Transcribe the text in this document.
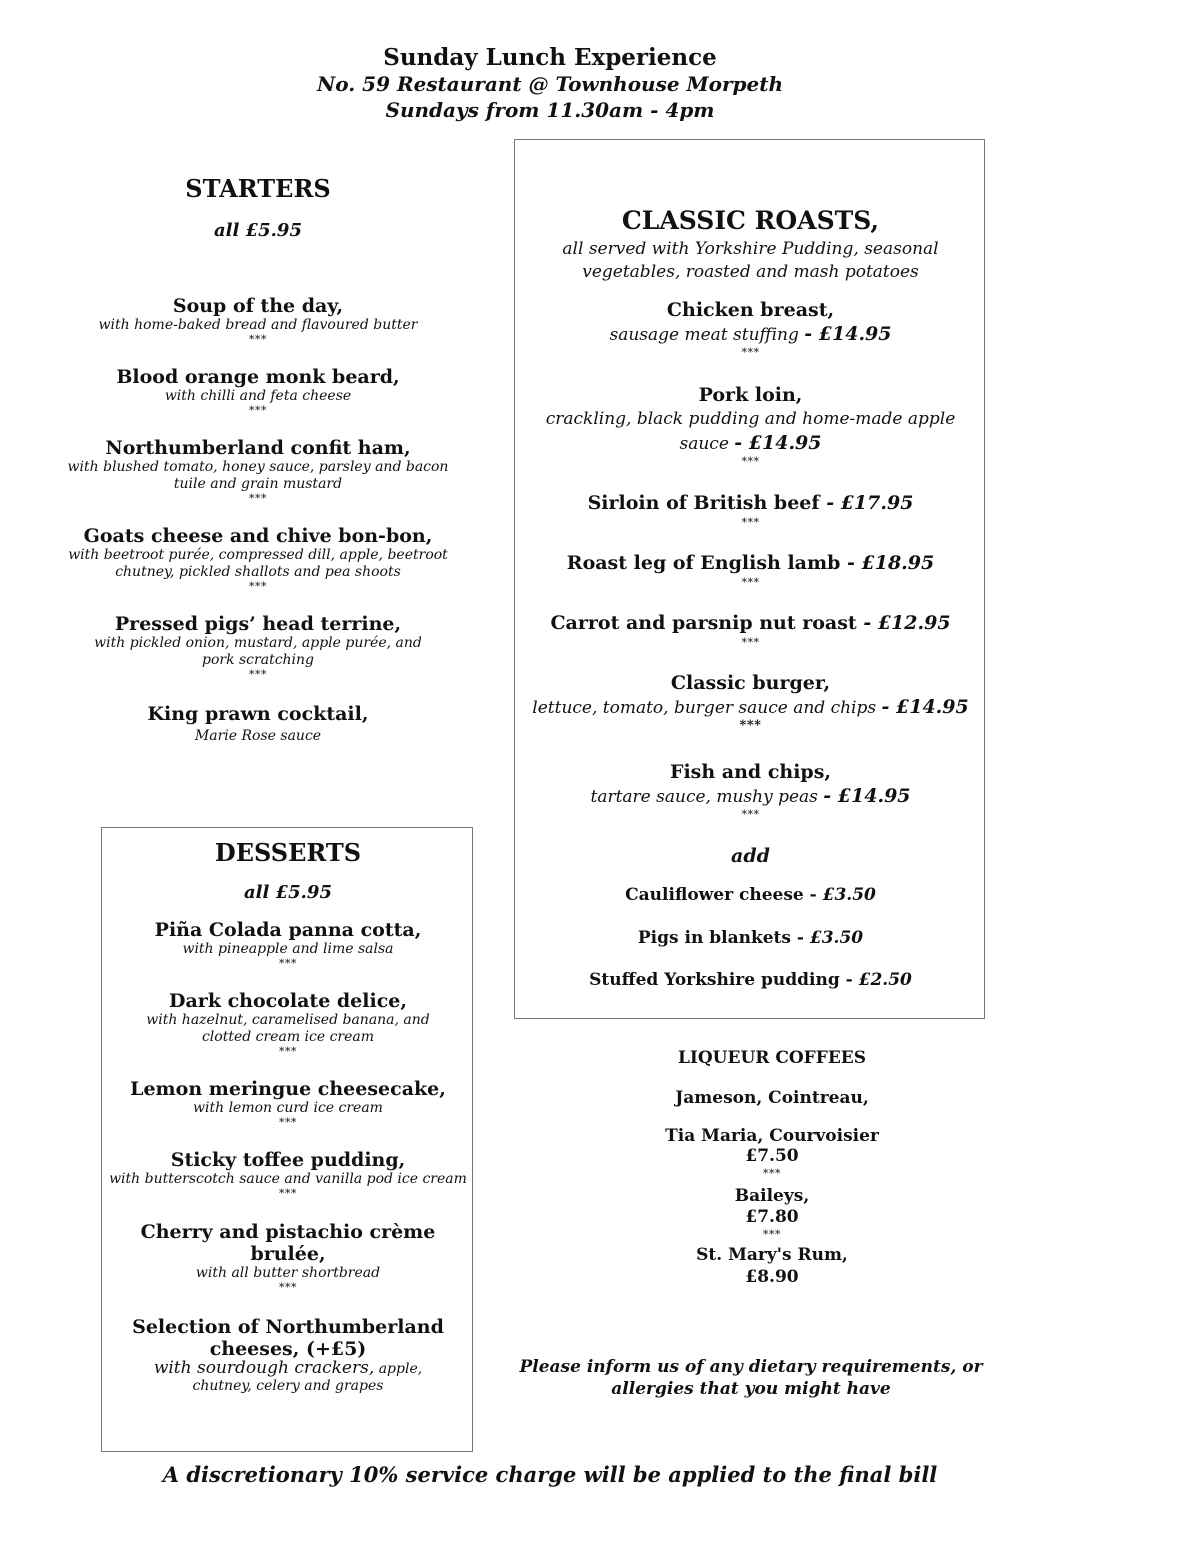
Sunday Lunch Experience
No. 59 Restaurant @ Townhouse Morpeth
Sundays from 11.30am - 4pm
STARTERS
all £5.95
Soup of the day,
with home-baked bread and flavoured butter
***
Blood orange monk beard,
with chilli and feta cheese
***
Northumberland confit ham,
with blushed tomato, honey sauce, parsley and bacon tuile and grain mustard
***
Goats cheese and chive bon-bon,
with beetroot purée, compressed dill, apple, beetroot chutney, pickled shallots and pea shoots
***
Pressed pigs’ head terrine,
with pickled onion, mustard, apple purée, and pork scratching
***
King prawn cocktail,
Marie Rose sauce
DESSERTS
all £5.95
Piña Colada panna cotta,
with pineapple and lime salsa
***
Dark chocolate delice,
with hazelnut, caramelised banana, and clotted cream ice cream
***
Lemon meringue cheesecake,
with lemon curd ice cream
***
Sticky toffee pudding,
with butterscotch sauce and vanilla pod ice cream
***
Cherry and pistachio crème brulée,
with all butter shortbread
***
Selection of Northumberland cheeses, (+£5)
with sourdough crackers, apple, chutney, celery and grapes
CLASSIC ROASTS,
all served with Yorkshire Pudding, seasonal vegetables, roasted and mash potatoes
Chicken breast,
sausage meat stuffing - £14.95
***
Pork loin,
crackling, black pudding and home-made apple sauce - £14.95
***
Sirloin of British beef - £17.95
***
Roast leg of English lamb - £18.95
***
Carrot and parsnip nut roast - £12.95
***
Classic burger,
lettuce, tomato, burger sauce and chips - £14.95
***
Fish and chips,
tartare sauce, mushy peas - £14.95
***
add
Cauliflower cheese - £3.50
Pigs in blankets - £3.50
Stuffed Yorkshire pudding - £2.50
LIQUEUR COFFEES
Jameson, Cointreau,
Tia Maria, Courvoisier
£7.50
***
Baileys,
£7.80
***
St. Mary's Rum,
£8.90
Please inform us of any dietary requirements, or allergies that you might have
A discretionary 10% service charge will be applied to the final bill
